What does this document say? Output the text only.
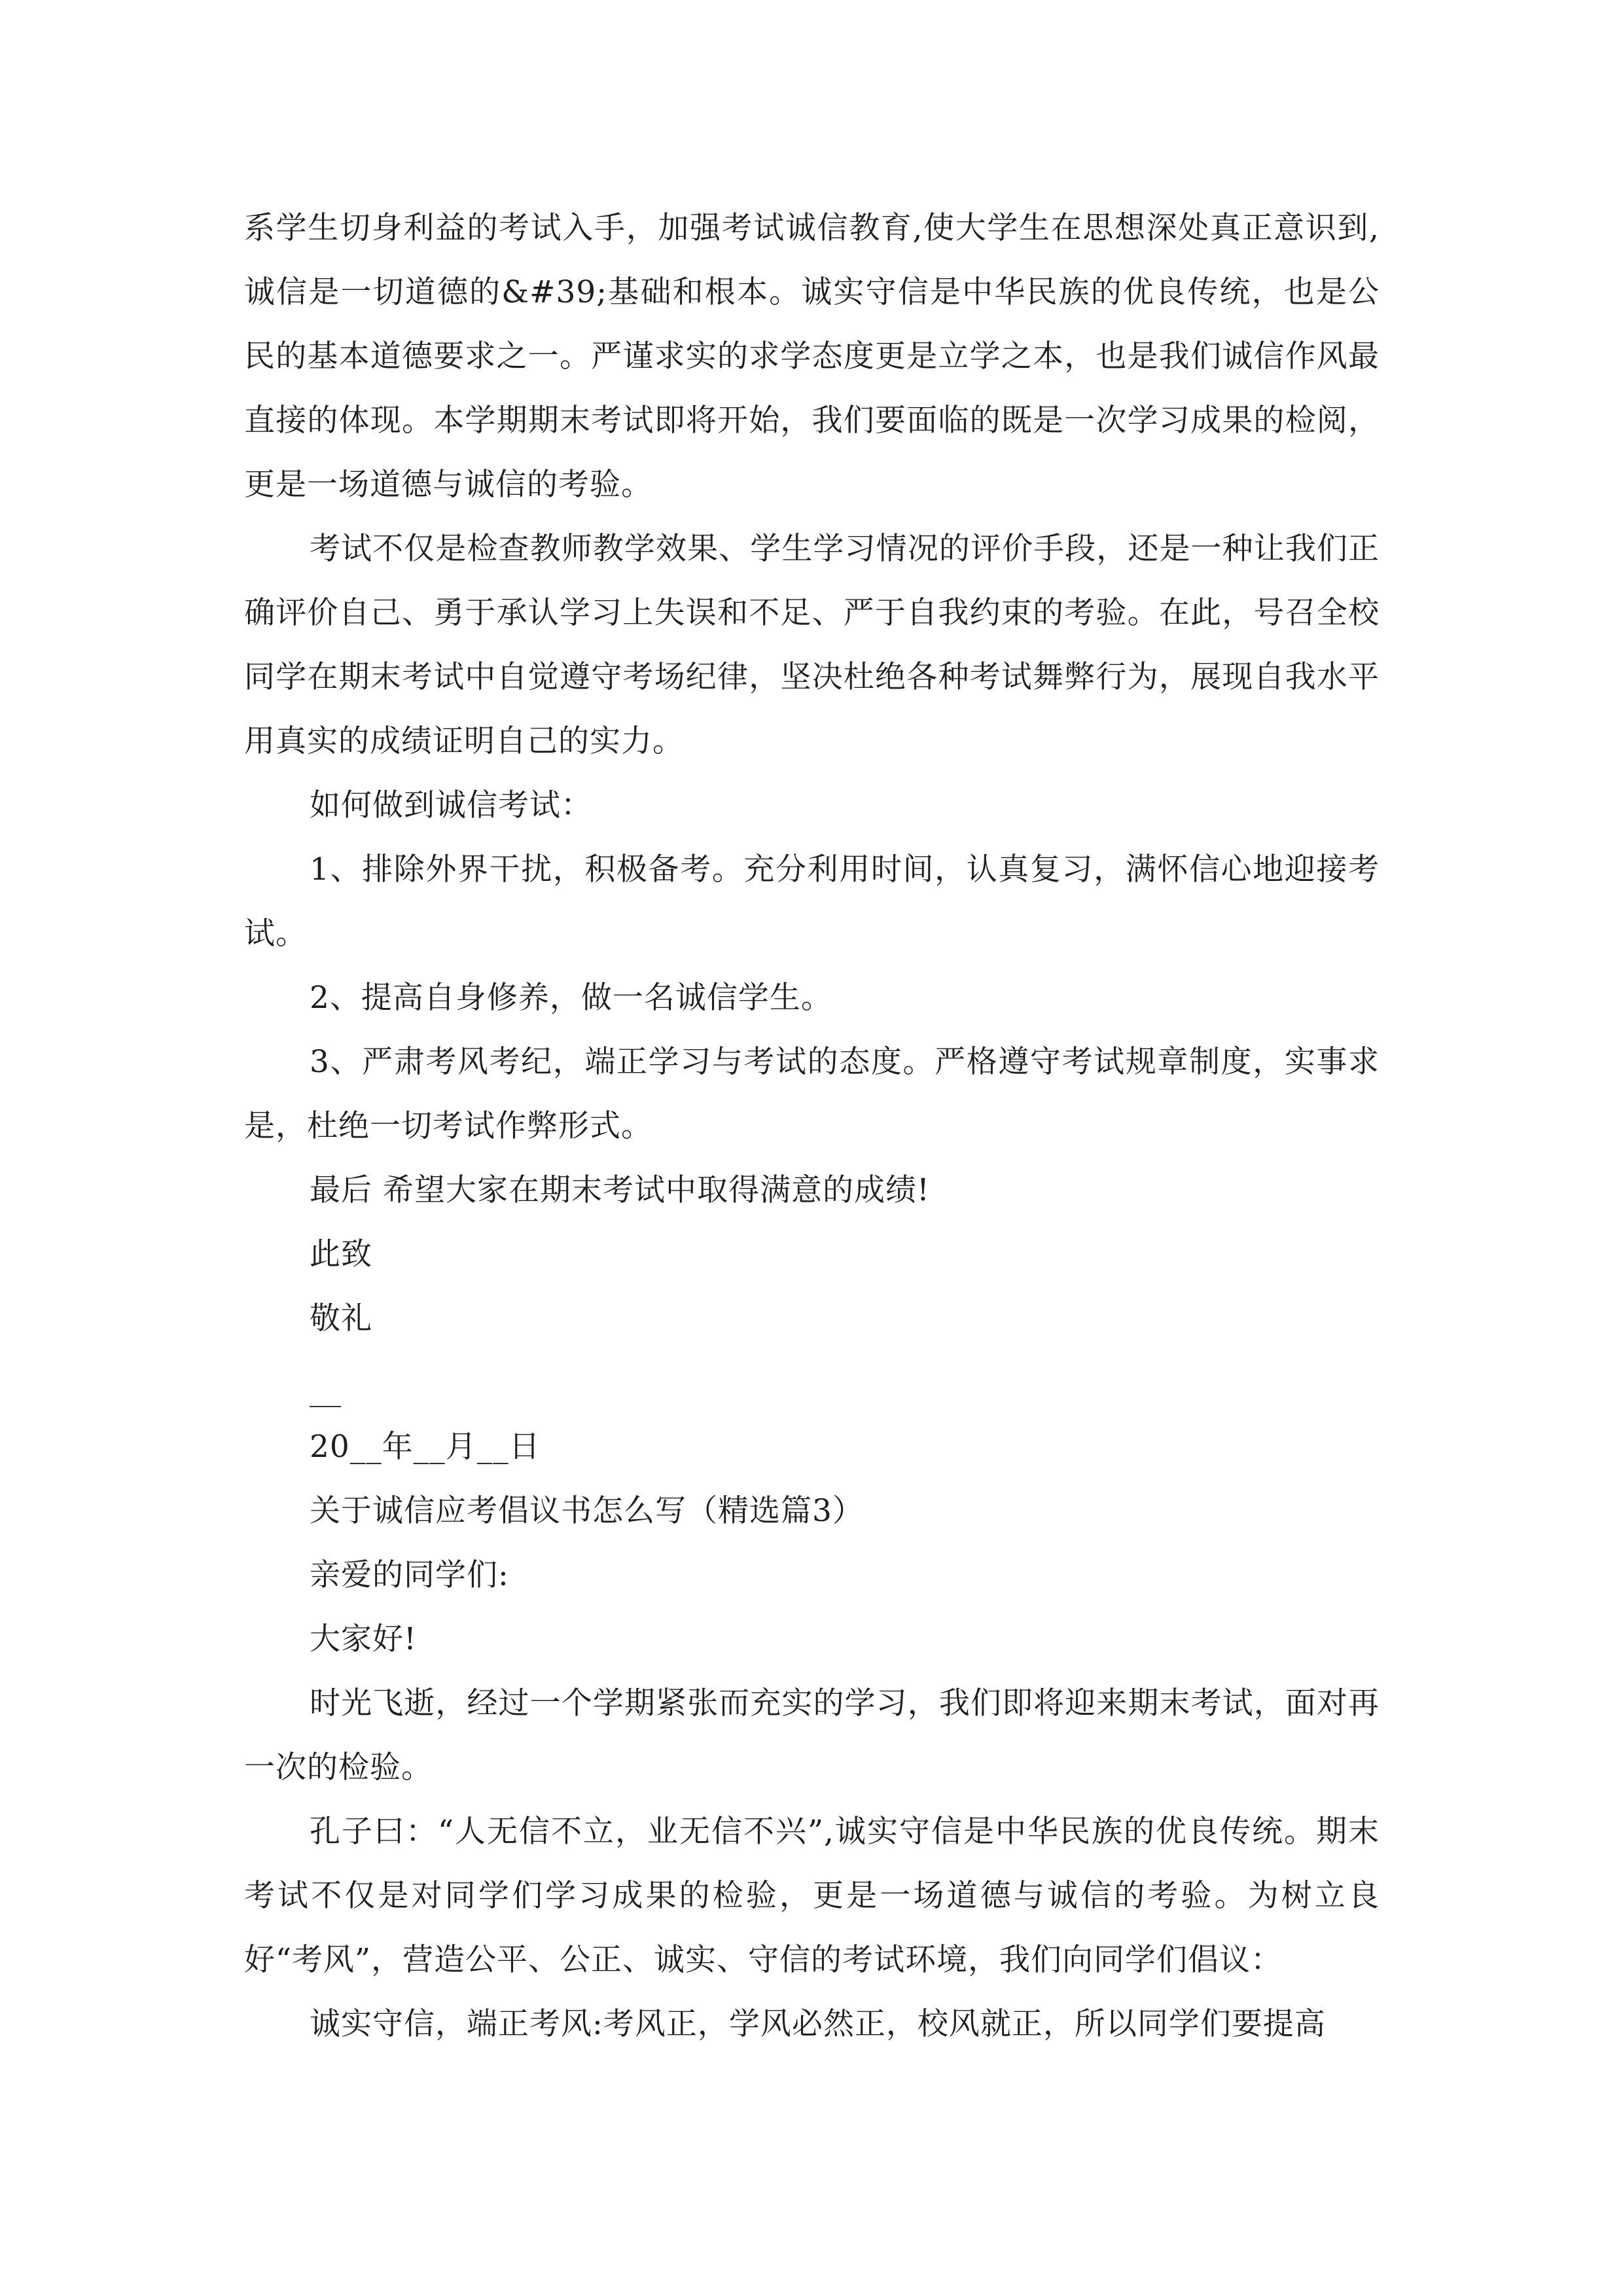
系学生切身利益的考试入手，加强考试诚信教育,使大学生在思想深处真正意识到,诚信是一切道德的&#39;基础和根本。诚实守信是中华民族的优良传统，也是公民的基本道德要求之一。严谨求实的求学态度更是立学之本，也是我们诚信作风最直接的体现。本学期期末考试即将开始，我们要面临的既是一次学习成果的检阅，更是一场道德与诚信的考验。

考试不仅是检查教师教学效果、学生学习情况的评价手段，还是一种让我们正确评价自己、勇于承认学习上失误和不足、严于自我约束的考验。在此，号召全校同学在期末考试中自觉遵守考场纪律，坚决杜绝各种考试舞弊行为，展现自我水平用真实的成绩证明自己的实力。

如何做到诚信考试：

1、排除外界干扰，积极备考。充分利用时间，认真复习，满怀信心地迎接考试。

2、提高自身修养，做一名诚信学生。

3、严肃考风考纪，端正学习与考试的态度。严格遵守考试规章制度，实事求是，杜绝一切考试作弊形式。

最后 希望大家在期末考试中取得满意的成绩!

此致

敬礼

20__年__月__日

关于诚信应考倡议书怎么写（精选篇3）

亲爱的同学们:

大家好!

时光飞逝，经过一个学期紧张而充实的学习，我们即将迎来期末考试，面对再一次的检验。

孔子曰：“人无信不立，业无信不兴”,诚实守信是中华民族的优良传统。期末考试不仅是对同学们学习成果的检验，更是一场道德与诚信的考验。为树立良好“考风”，营造公平、公正、诚实、守信的考试环境，我们向同学们倡议：

诚实守信，端正考风:考风正，学风必然正，校风就正，所以同学们要提高
